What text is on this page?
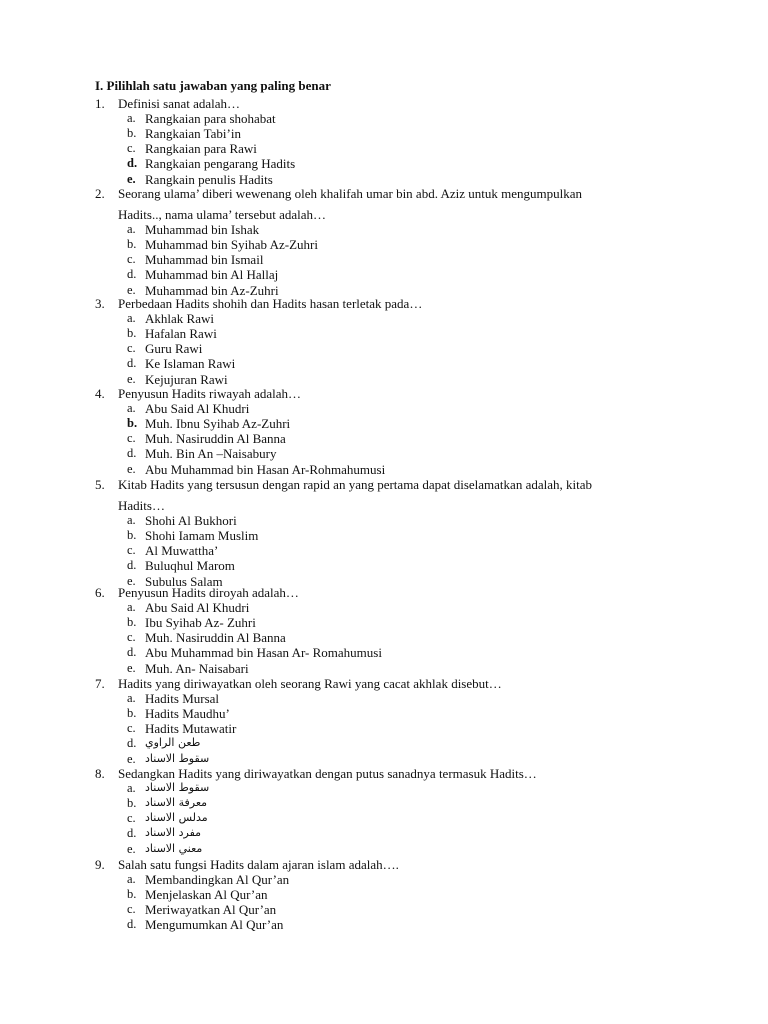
I. Pilihlah satu jawaban yang paling benar
1. Definisi sanat adalah…
a. Rangkaian para shohabat
b. Rangkaian Tabi’in
c. Rangkaian para Rawi
d. Rangkaian pengarang Hadits
e. Rangkain penulis Hadits
2. Seorang ulama’ diberi wewenang oleh khalifah umar bin abd. Aziz untuk mengumpulkan
Hadits.., nama ulama’ tersebut adalah…
a. Muhammad bin Ishak
b. Muhammad bin Syihab Az-Zuhri
c. Muhammad bin Ismail
d. Muhammad bin Al Hallaj
e. Muhammad bin Az-Zuhri
3. Perbedaan Hadits shohih dan Hadits hasan terletak pada…
a. Akhlak Rawi
b. Hafalan Rawi
c. Guru Rawi
d. Ke Islaman Rawi
e. Kejujuran Rawi
4. Penyusun Hadits riwayah adalah…
a. Abu Said Al Khudri
b. Muh. Ibnu Syihab Az-Zuhri
c. Muh. Nasiruddin Al Banna
d. Muh. Bin An –Naisabury
e. Abu Muhammad bin Hasan Ar-Rohmahumusi
5. Kitab Hadits yang tersusun dengan rapid an yang pertama dapat diselamatkan adalah, kitab
Hadits…
a. Shohi Al Bukhori
b. Shohi Iamam Muslim
c. Al Muwattha’
d. Buluqhul Marom
e. Subulus Salam
6. Penyusun Hadits diroyah adalah…
a. Abu Said Al Khudri
b. Ibu Syihab Az- Zuhri
c. Muh. Nasiruddin Al Banna
d. Abu Muhammad bin Hasan Ar- Romahumusi
e. Muh. An- Naisabari
7. Hadits yang diriwayatkan oleh seorang Rawi yang cacat akhlak disebut…
a. Hadits Mursal
b. Hadits Maudhu’
c. Hadits Mutawatir
d. طعن الراوي
e. سقوط الاسناد
8. Sedangkan Hadits yang diriwayatkan dengan putus sanadnya termasuk Hadits…
a. سقوط الاسناد
b. معرفة الاسناد
c. مدلس الاسناد
d. مفرد الاسناد
e. معني الاسناد
9. Salah satu fungsi Hadits dalam ajaran islam adalah….
a. Membandingkan Al Qur’an
b. Menjelaskan Al Qur’an
c. Meriwayatkan Al Qur’an
d. Mengumumkan Al Qur’an
